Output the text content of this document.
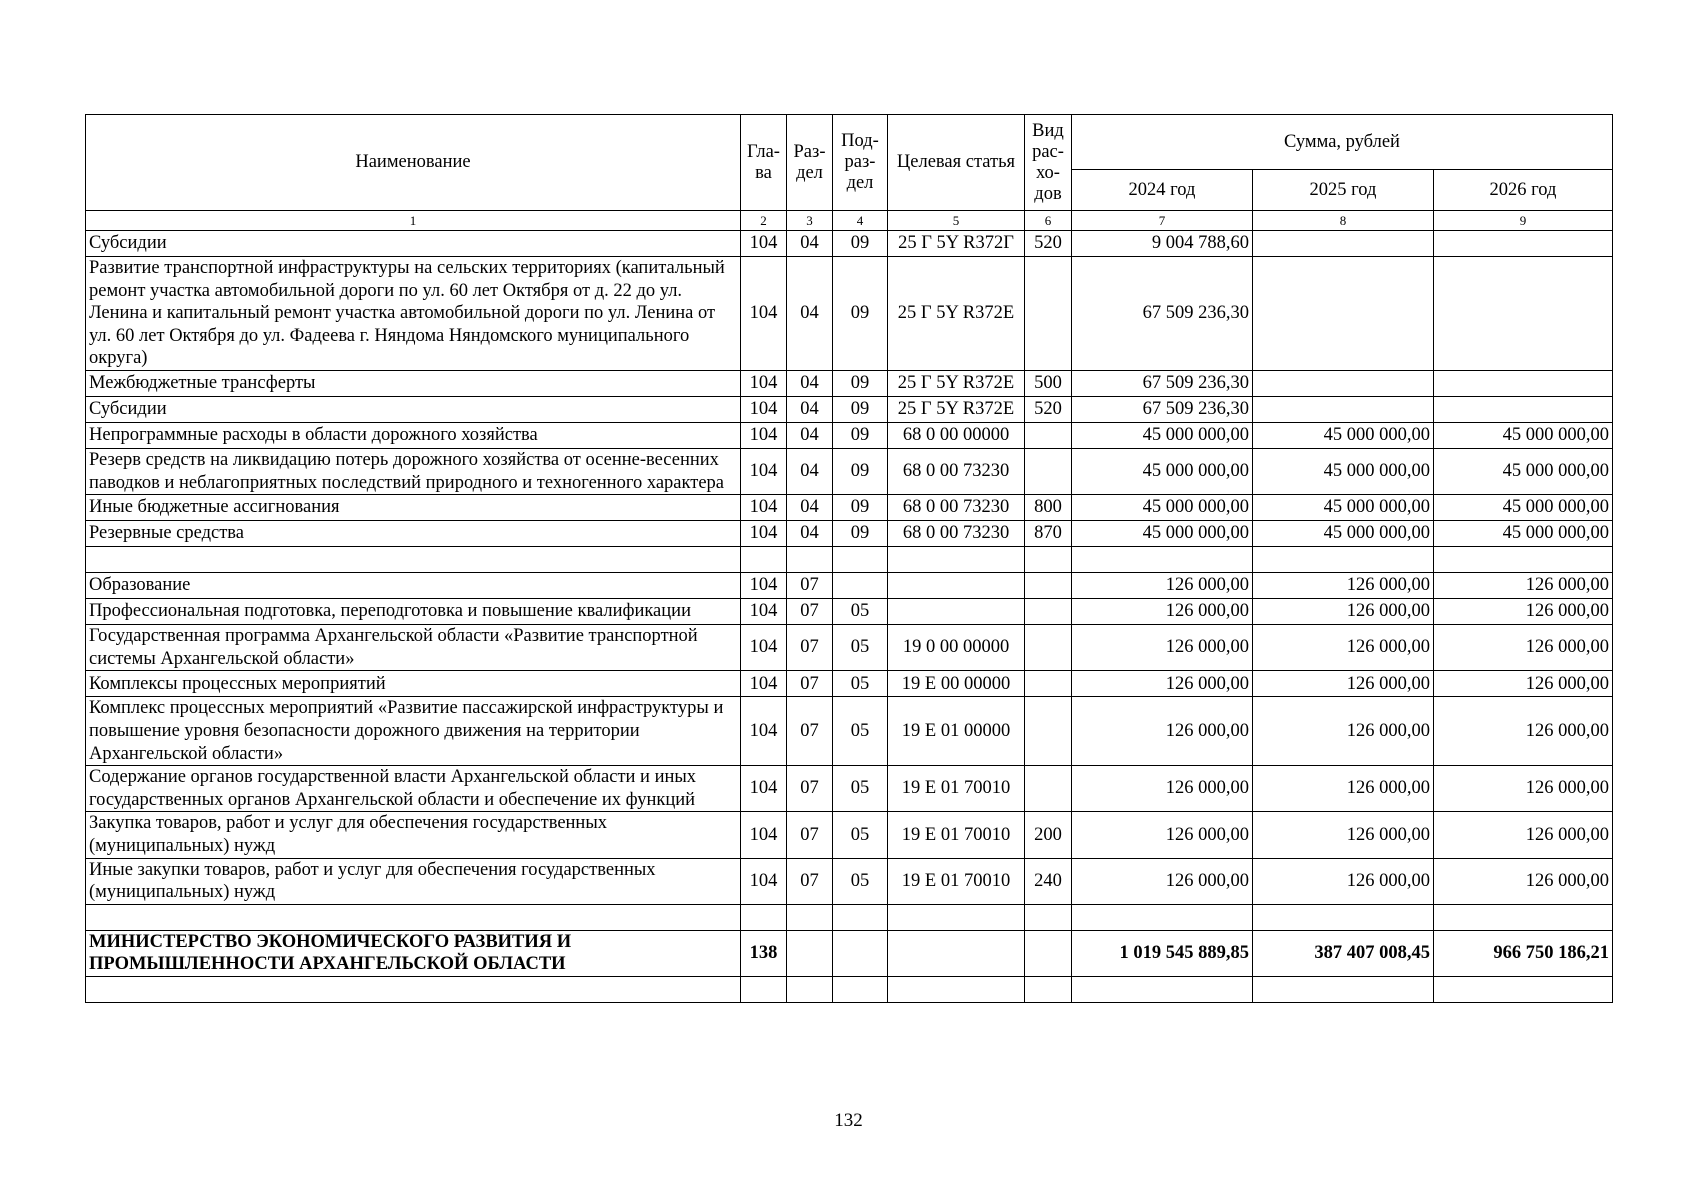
Наименование	Гла-ва	Раз-дел	Под-раз-дел	Целевая статья	Вид рас-хо-дов	Сумма, рублей		
						2024 год	2025 год	2026 год
1	2	3	4	5	6	7	8	9
Субсидии	104	04	09	25 Г 5Y R372Г	520	9 004 788,60		
Развитие транспортной инфраструктуры на сельских территориях (капитальный ремонт участка автомобильной дороги по ул. 60 лет Октября от д. 22 до ул. Ленина и капитальный ремонт участка автомобильной дороги по ул. Ленина от ул. 60 лет Октября до ул. Фадеева г. Няндома Няндомского муниципального округа)	104	04	09	25 Г 5Y R372Е		67 509 236,30		
Межбюджетные трансферты	104	04	09	25 Г 5Y R372Е	500	67 509 236,30		
Субсидии	104	04	09	25 Г 5Y R372Е	520	67 509 236,30		
Непрограммные расходы в области дорожного хозяйства	104	04	09	68 0 00 00000		45 000 000,00	45 000 000,00	45 000 000,00
Резерв средств на ликвидацию потерь дорожного хозяйства от осенне-весенних паводков и неблагоприятных последствий природного и техногенного характера	104	04	09	68 0 00 73230		45 000 000,00	45 000 000,00	45 000 000,00
Иные бюджетные ассигнования	104	04	09	68 0 00 73230	800	45 000 000,00	45 000 000,00	45 000 000,00
Резервные средства	104	04	09	68 0 00 73230	870	45 000 000,00	45 000 000,00	45 000 000,00

Образование	104	07				126 000,00	126 000,00	126 000,00
Профессиональная подготовка, переподготовка и повышение квалификации	104	07	05			126 000,00	126 000,00	126 000,00
Государственная программа Архангельской области «Развитие транспортной системы Архангельской области»	104	07	05	19 0 00 00000		126 000,00	126 000,00	126 000,00
Комплексы процессных мероприятий	104	07	05	19 Е 00 00000		126 000,00	126 000,00	126 000,00
Комплекс процессных мероприятий «Развитие пассажирской инфраструктуры и повышение уровня безопасности дорожного движения на территории Архангельской области»	104	07	05	19 Е 01 00000		126 000,00	126 000,00	126 000,00
Содержание органов государственной власти Архангельской области и иных государственных органов Архангельской области и обеспечение их функций	104	07	05	19 Е 01 70010		126 000,00	126 000,00	126 000,00
Закупка товаров, работ и услуг для обеспечения государственных (муниципальных) нужд	104	07	05	19 Е 01 70010	200	126 000,00	126 000,00	126 000,00
Иные закупки товаров, работ и услуг для обеспечения государственных (муниципальных) нужд	104	07	05	19 Е 01 70010	240	126 000,00	126 000,00	126 000,00

МИНИСТЕРСТВО ЭКОНОМИЧЕСКОГО РАЗВИТИЯ И ПРОМЫШЛЕННОСТИ АРХАНГЕЛЬСКОЙ ОБЛАСТИ	138					1 019 545 889,85	387 407 008,45	966 750 186,21

132
